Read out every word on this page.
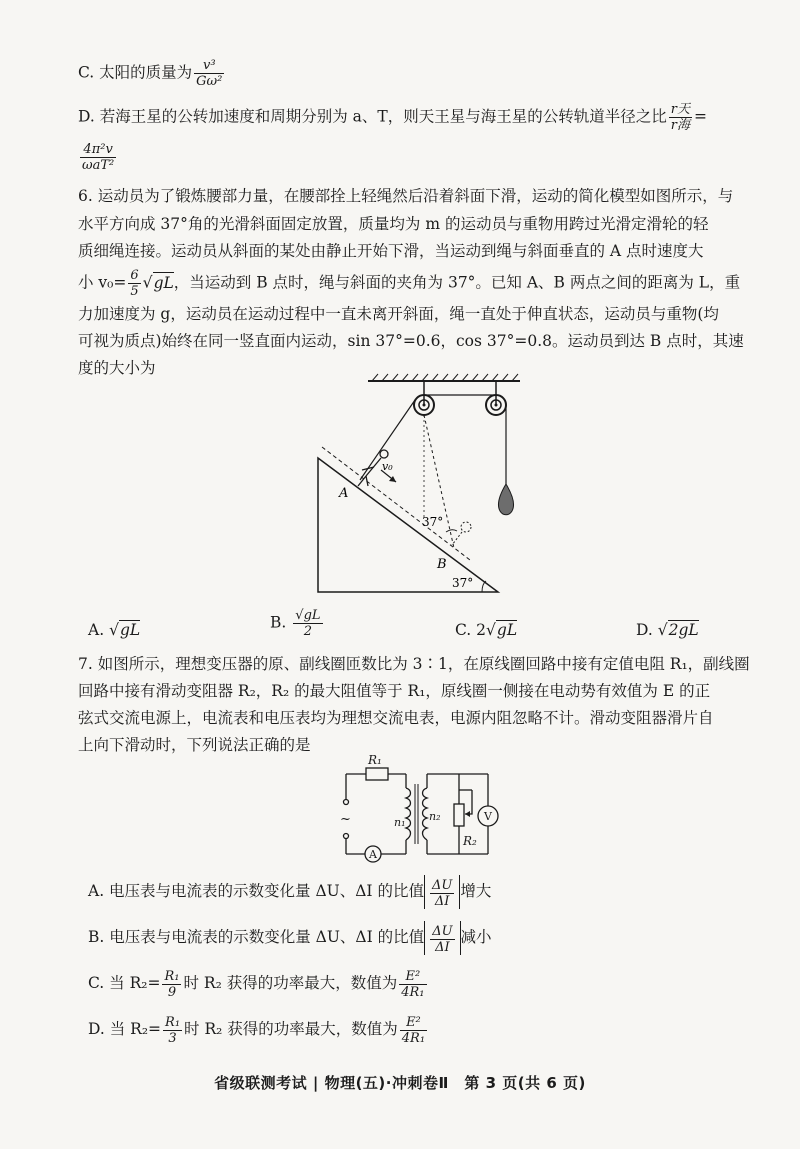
C. 太阳的质量为 $\frac{\text{v³}}{\text{Gω²}}$
D. 若海王星的公转加速度和周期分别为 a、T，则天王星与海王星的公转轨道半径之比 $\frac{\text{r天}}{\text{r海}}$ =
$\frac{\text{4π²v}}{\text{ωaT²}}$
6. 运动员为了锻炼腰部力量，在腰部拴上轻绳然后沿着斜面下滑，运动的简化模型如图所示，与
水平方向成 37°角的光滑斜面固定放置，质量均为 m 的运动员与重物用跨过光滑定滑轮的轻
质细绳连接。运动员从斜面的某处由静止开始下滑，当运动到绳与斜面垂直的 A 点时速度大
小 $v_0= \frac{6}{5} √gL$，当运动到 B 点时，绳与斜面的夹角为 37°。已知 A、B 两点之间的距离为 L，重
力加速度为 g，运动员在运动过程中一直未离开斜面，绳一直处于伸直状态，运动员与重物(均
可视为质点)始终在同一竖直面内运动，sin 37°=0.6，cos 37°=0.8。运动员到达 B 点时，其速
度的大小为
v₀
A
B
37°
37°
A. √gL	B. $\frac{√gL}{2}$	C. 2√gL	D. √2gL
7. 如图所示，理想变压器的原、副线圈匝数比为 3∶1，在原线圈回路中接有定值电阻 R₁，副线圈
回路中接有滑动变阻器 R₂，R₂ 的最大阻值等于 R₁，原线圈一侧接在电动势有效值为 E 的正
弦式交流电源上，电流表和电压表均为理想交流电表，电源内阻忽略不计。滑动变阻器滑片自
上向下滑动时，下列说法正确的是
R₁
R₂
n₁ n₂
A
V
~
A. 电压表与电流表的示数变化量 ΔU、ΔI 的比值 $\frac{\Delta U}{\Delta I}$ 增大
B. 电压表与电流表的示数变化量 ΔU、ΔI 的比值 $\frac{\Delta U}{\Delta I}$ 减小
C. 当 $R_2= \frac{\text{R₁}}{9}$ 时 R₂ 获得的功率最大，数值为 $\frac{\text{E²}}{\text{4R₁}}$
D. 当 $R_2= \frac{\text{R₁}}{3}$ 时 R₂ 获得的功率最大，数值为 $\frac{\text{E²}}{\text{4R₁}}$
省级联测考试 | 物理(五)·冲刺卷Ⅱ　第 3 页(共 6 页)
